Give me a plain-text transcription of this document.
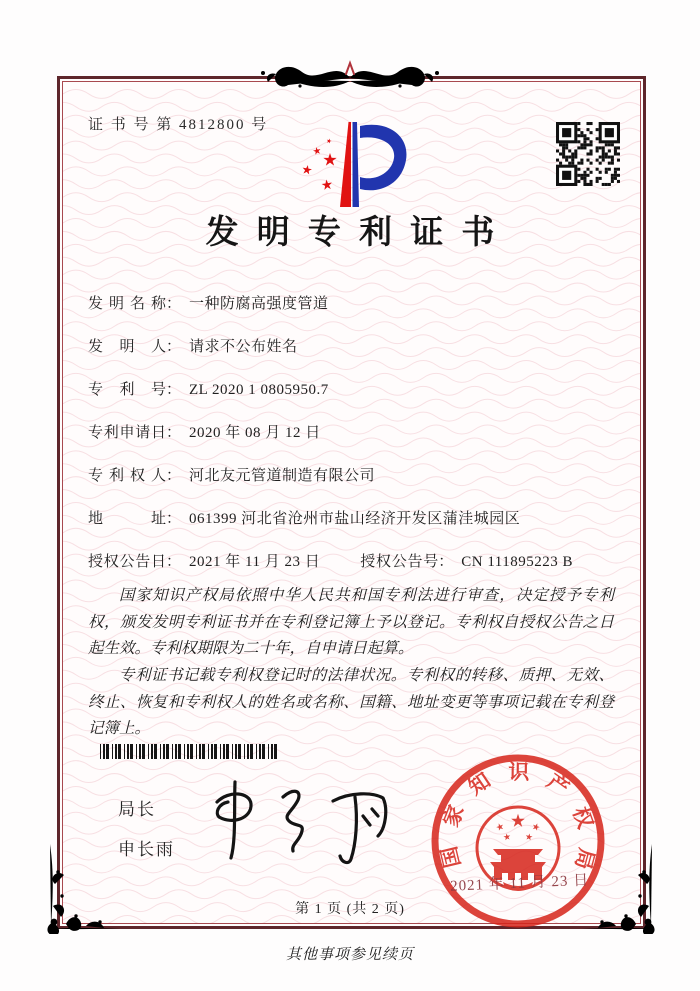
证 书 号 第 4812800 号
发明专利证书
发 明 名 称： 一种防腐高强度管道
发 明 人： 请求不公布姓名
专 利 号： ZL 2020 1 0805950.7
专利申请日： 2020 年 08 月 12 日
专 利 权 人： 河北友元管道制造有限公司
地 址： 061399 河北省沧州市盐山经济开发区蒲洼城园区
授权公告日： 2021 年 11 月 23 日	授权公告号： CN 111895223 B

国家知识产权局依照中华人民共和国专利法进行审查，决定授予专利权，颁发发明专利证书并在专利登记簿上予以登记。专利权自授权公告之日起生效。专利权期限为二十年，自申请日起算。

专利证书记载专利权登记时的法律状况。专利权的转移、质押、无效、终止、恢复和专利权人的姓名或名称、国籍、地址变更等事项记载在专利登记簿上。

局长
申长雨	国家知识产权局
2021 年 11 月 23 日
第 1 页 (共 2 页)
其他事项参见续页
